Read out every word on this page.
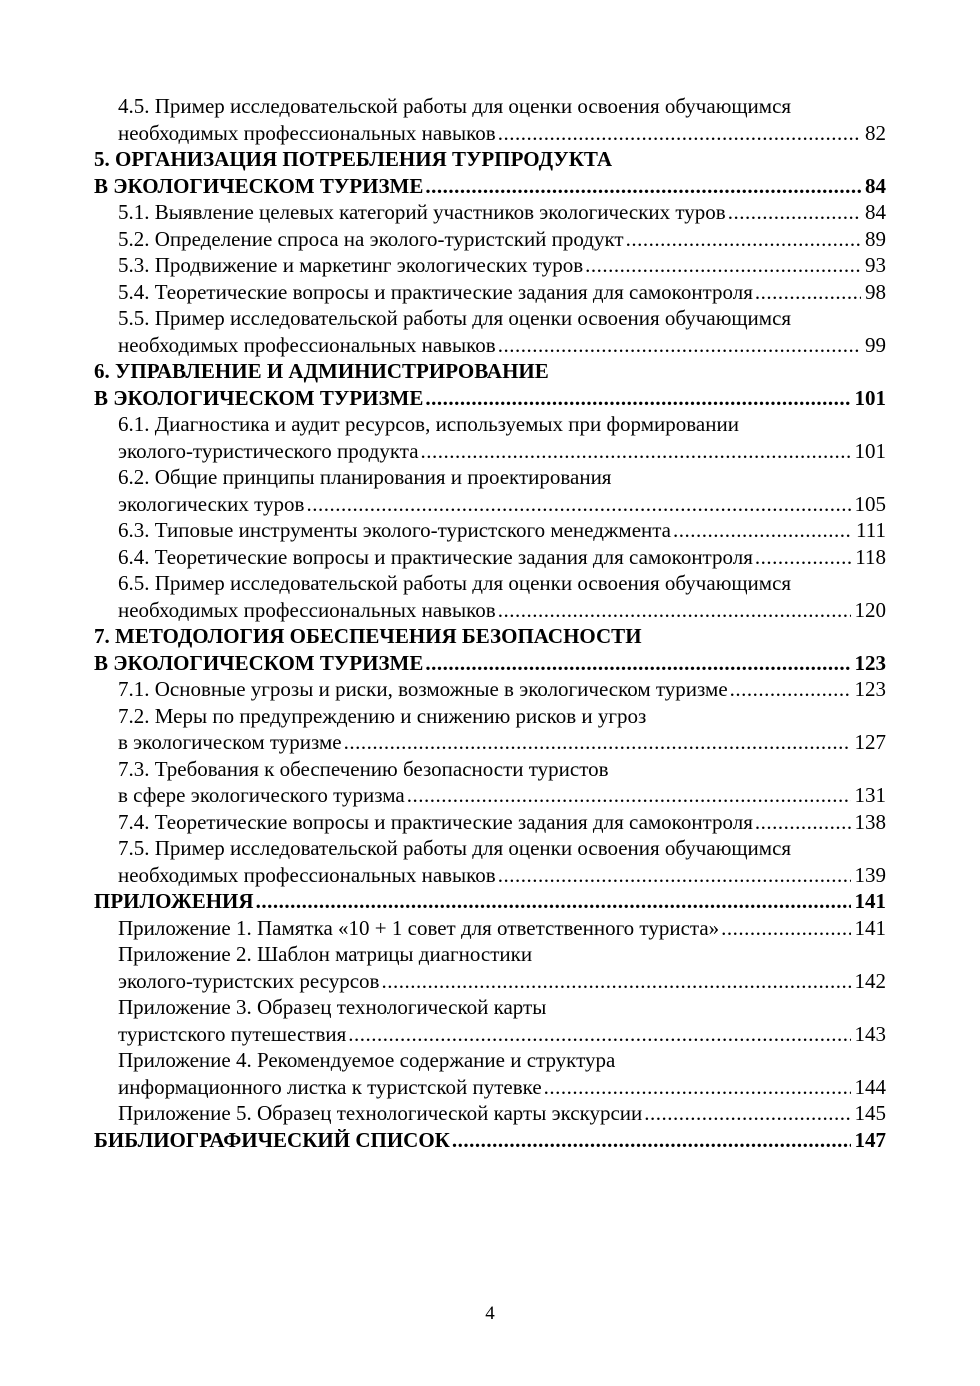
4.5. Пример исследовательской работы для оценки освоения обучающимся
необходимых профессиональных навыков .....	82
5. ОРГАНИЗАЦИЯ ПОТРЕБЛЕНИЯ ТУРПРОДУКТА
В ЭКОЛОГИЧЕСКОМ ТУРИЗМЕ .....	84
5.1. Выявление целевых категорий участников экологических туров .....	84
5.2. Определение спроса на эколого-туристский продукт .....	89
5.3. Продвижение и маркетинг экологических туров .....	93
5.4. Теоретические вопросы и практические задания для самоконтроля .....	98
5.5. Пример исследовательской работы для оценки освоения обучающимся
необходимых профессиональных навыков .....	99
6. УПРАВЛЕНИЕ И АДМИНИСТРИРОВАНИЕ
В ЭКОЛОГИЧЕСКОМ ТУРИЗМЕ .....	101
6.1. Диагностика и аудит ресурсов, используемых при формировании
эколого-туристического продукта .....	101
6.2. Общие принципы планирования и проектирования
экологических туров .....	105
6.3. Типовые инструменты эколого-туристского менеджмента .....	111
6.4. Теоретические вопросы и практические задания для самоконтроля .....	118
6.5. Пример исследовательской работы для оценки освоения обучающимся
необходимых профессиональных навыков .....	120
7. МЕТОДОЛОГИЯ ОБЕСПЕЧЕНИЯ БЕЗОПАСНОСТИ
В ЭКОЛОГИЧЕСКОМ ТУРИЗМЕ .....	123
7.1. Основные угрозы и риски, возможные в экологическом туризме .....	123
7.2. Меры по предупреждению и снижению рисков и угроз
в экологическом туризме .....	127
7.3. Требования к обеспечению безопасности туристов
в сфере экологического туризма .....	131
7.4. Теоретические вопросы и практические задания для самоконтроля .....	138
7.5. Пример исследовательской работы для оценки освоения обучающимся
необходимых профессиональных навыков .....	139
ПРИЛОЖЕНИЯ .....	141
Приложение 1. Памятка «10 + 1 совет для ответственного туриста» .....	141
Приложение 2. Шаблон матрицы диагностики
эколого-туристских ресурсов .....	142
Приложение 3. Образец технологической карты
туристского путешествия .....	143
Приложение 4. Рекомендуемое содержание и структура
информационного листка к туристской путевке .....	144
Приложение 5. Образец технологической карты экскурсии .....	145
БИБЛИОГРАФИЧЕСКИЙ СПИСОК .....	147
4
